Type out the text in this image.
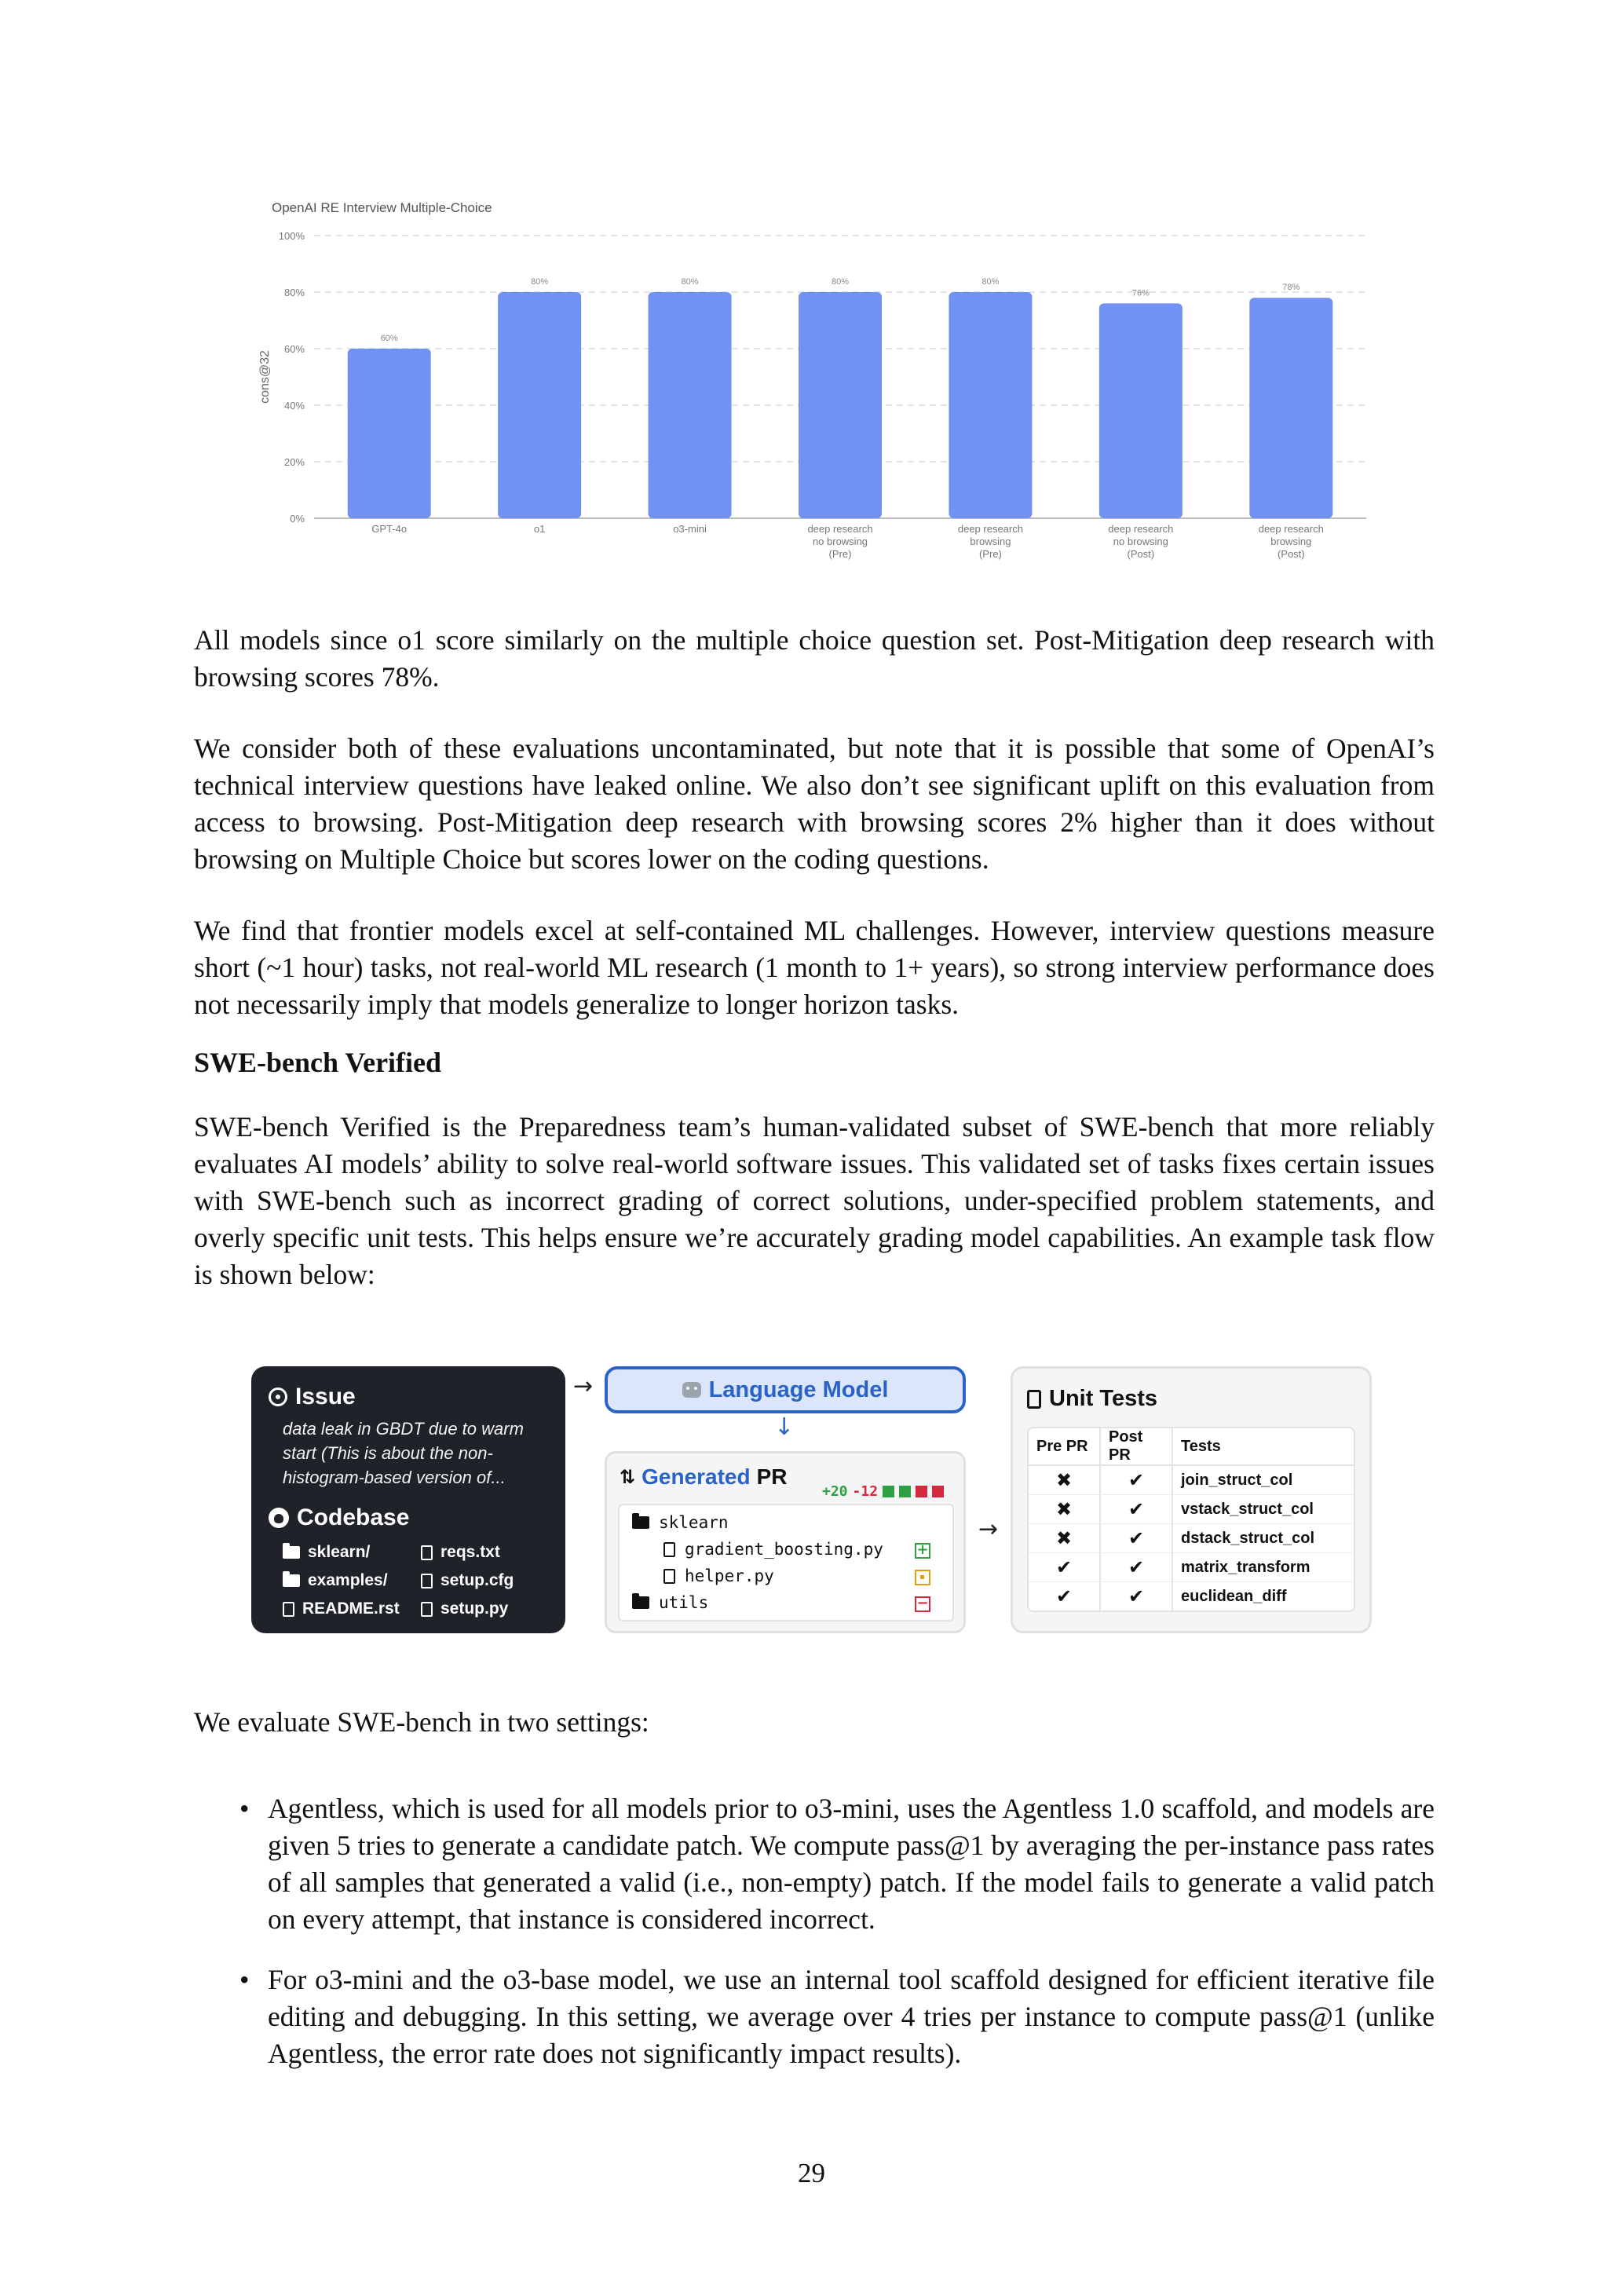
OpenAI RE Interview Multiple-Choice
0%
20%
40%
60%
80%
100%
cons@32
60%
GPT-4o
80%
o1
80%
o3-mini
80%
deep research
no browsing
(Pre)
80%
deep research
browsing
(Pre)
76%
deep research
no browsing
(Post)
78%
deep research
browsing
(Post)

All models since o1 score similarly on the multiple choice question set. Post-Mitigation deep research with browsing scores 78%.

We consider both of these evaluations uncontaminated, but note that it is possible that some of OpenAI’s technical interview questions have leaked online. We also don’t see significant uplift on this evaluation from access to browsing. Post-Mitigation deep research with browsing scores 2% higher than it does without browsing on Multiple Choice but scores lower on the coding questions.

We find that frontier models excel at self-contained ML challenges. However, interview questions measure short (~1 hour) tasks, not real-world ML research (1 month to 1+ years), so strong interview performance does not necessarily imply that models generalize to longer horizon tasks.

SWE-bench Verified

SWE-bench Verified is the Preparedness team’s human-validated subset of SWE-bench that more reliably evaluates AI models’ ability to solve real-world software issues. This validated set of tasks fixes certain issues with SWE-bench such as incorrect grading of correct solutions, under-specified problem statements, and overly specific unit tests. This helps ensure we’re accurately grading model capabilities. An example task flow is shown below:

Issue
data leak in GBDT due to warm start (This is about the non-histogram-based version of...
Codebase
sklearn/	reqs.txt
examples/	setup.cfg
README.rst setup.py
→	Language Model
↓
⇅ Generated PR
+20 -12
sklearn
gradient_boosting.py
helper.py
utils
+
−
→
Unit Tests
Pre PR	Post PR	Tests
✖	✔	join_struct_col
✖	✔	vstack_struct_col
✖	✔	dstack_struct_col
✔	✔	matrix_transform
✔	✔	euclidean_diff

We evaluate SWE-bench in two settings:

• Agentless, which is used for all models prior to o3-mini, uses the Agentless 1.0 scaffold, and models are given 5 tries to generate a candidate patch. We compute pass@1 by averaging the per-instance pass rates of all samples that generated a valid (i.e., non-empty) patch. If the model fails to generate a valid patch on every attempt, that instance is considered incorrect.
• For o3-mini and the o3-base model, we use an internal tool scaffold designed for efficient iterative file editing and debugging. In this setting, we average over 4 tries per instance to compute pass@1 (unlike Agentless, the error rate does not significantly impact results).
29
